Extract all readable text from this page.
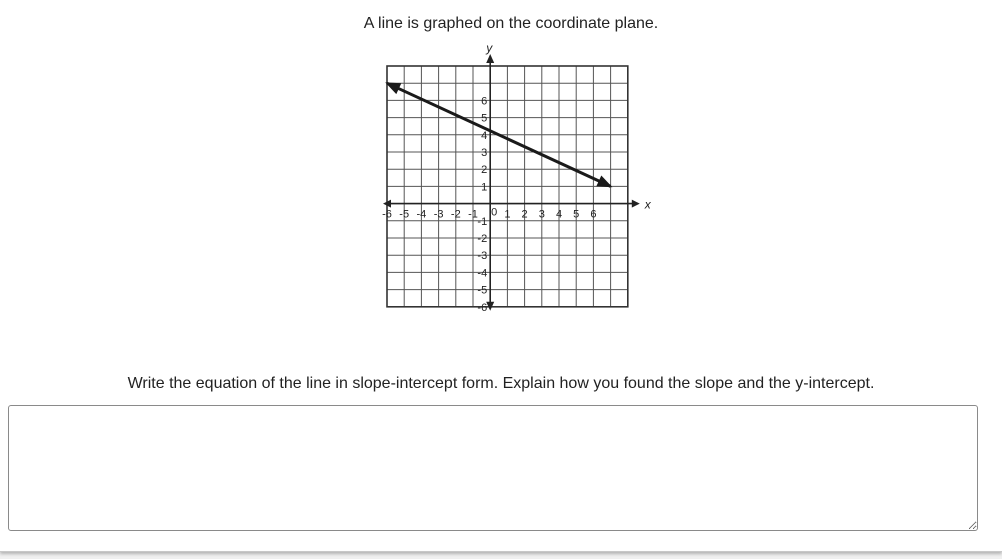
A line is graphed on the coordinate plane.

x
y
-6 -5 -4 -3 -2 -1 1 2 3 4 5 6
0
6
5
4
3
2
1
-1
-2
-3
-4
-5
-6

Write the equation of the line in slope-intercept form. Explain how you found the slope and the y-intercept.
